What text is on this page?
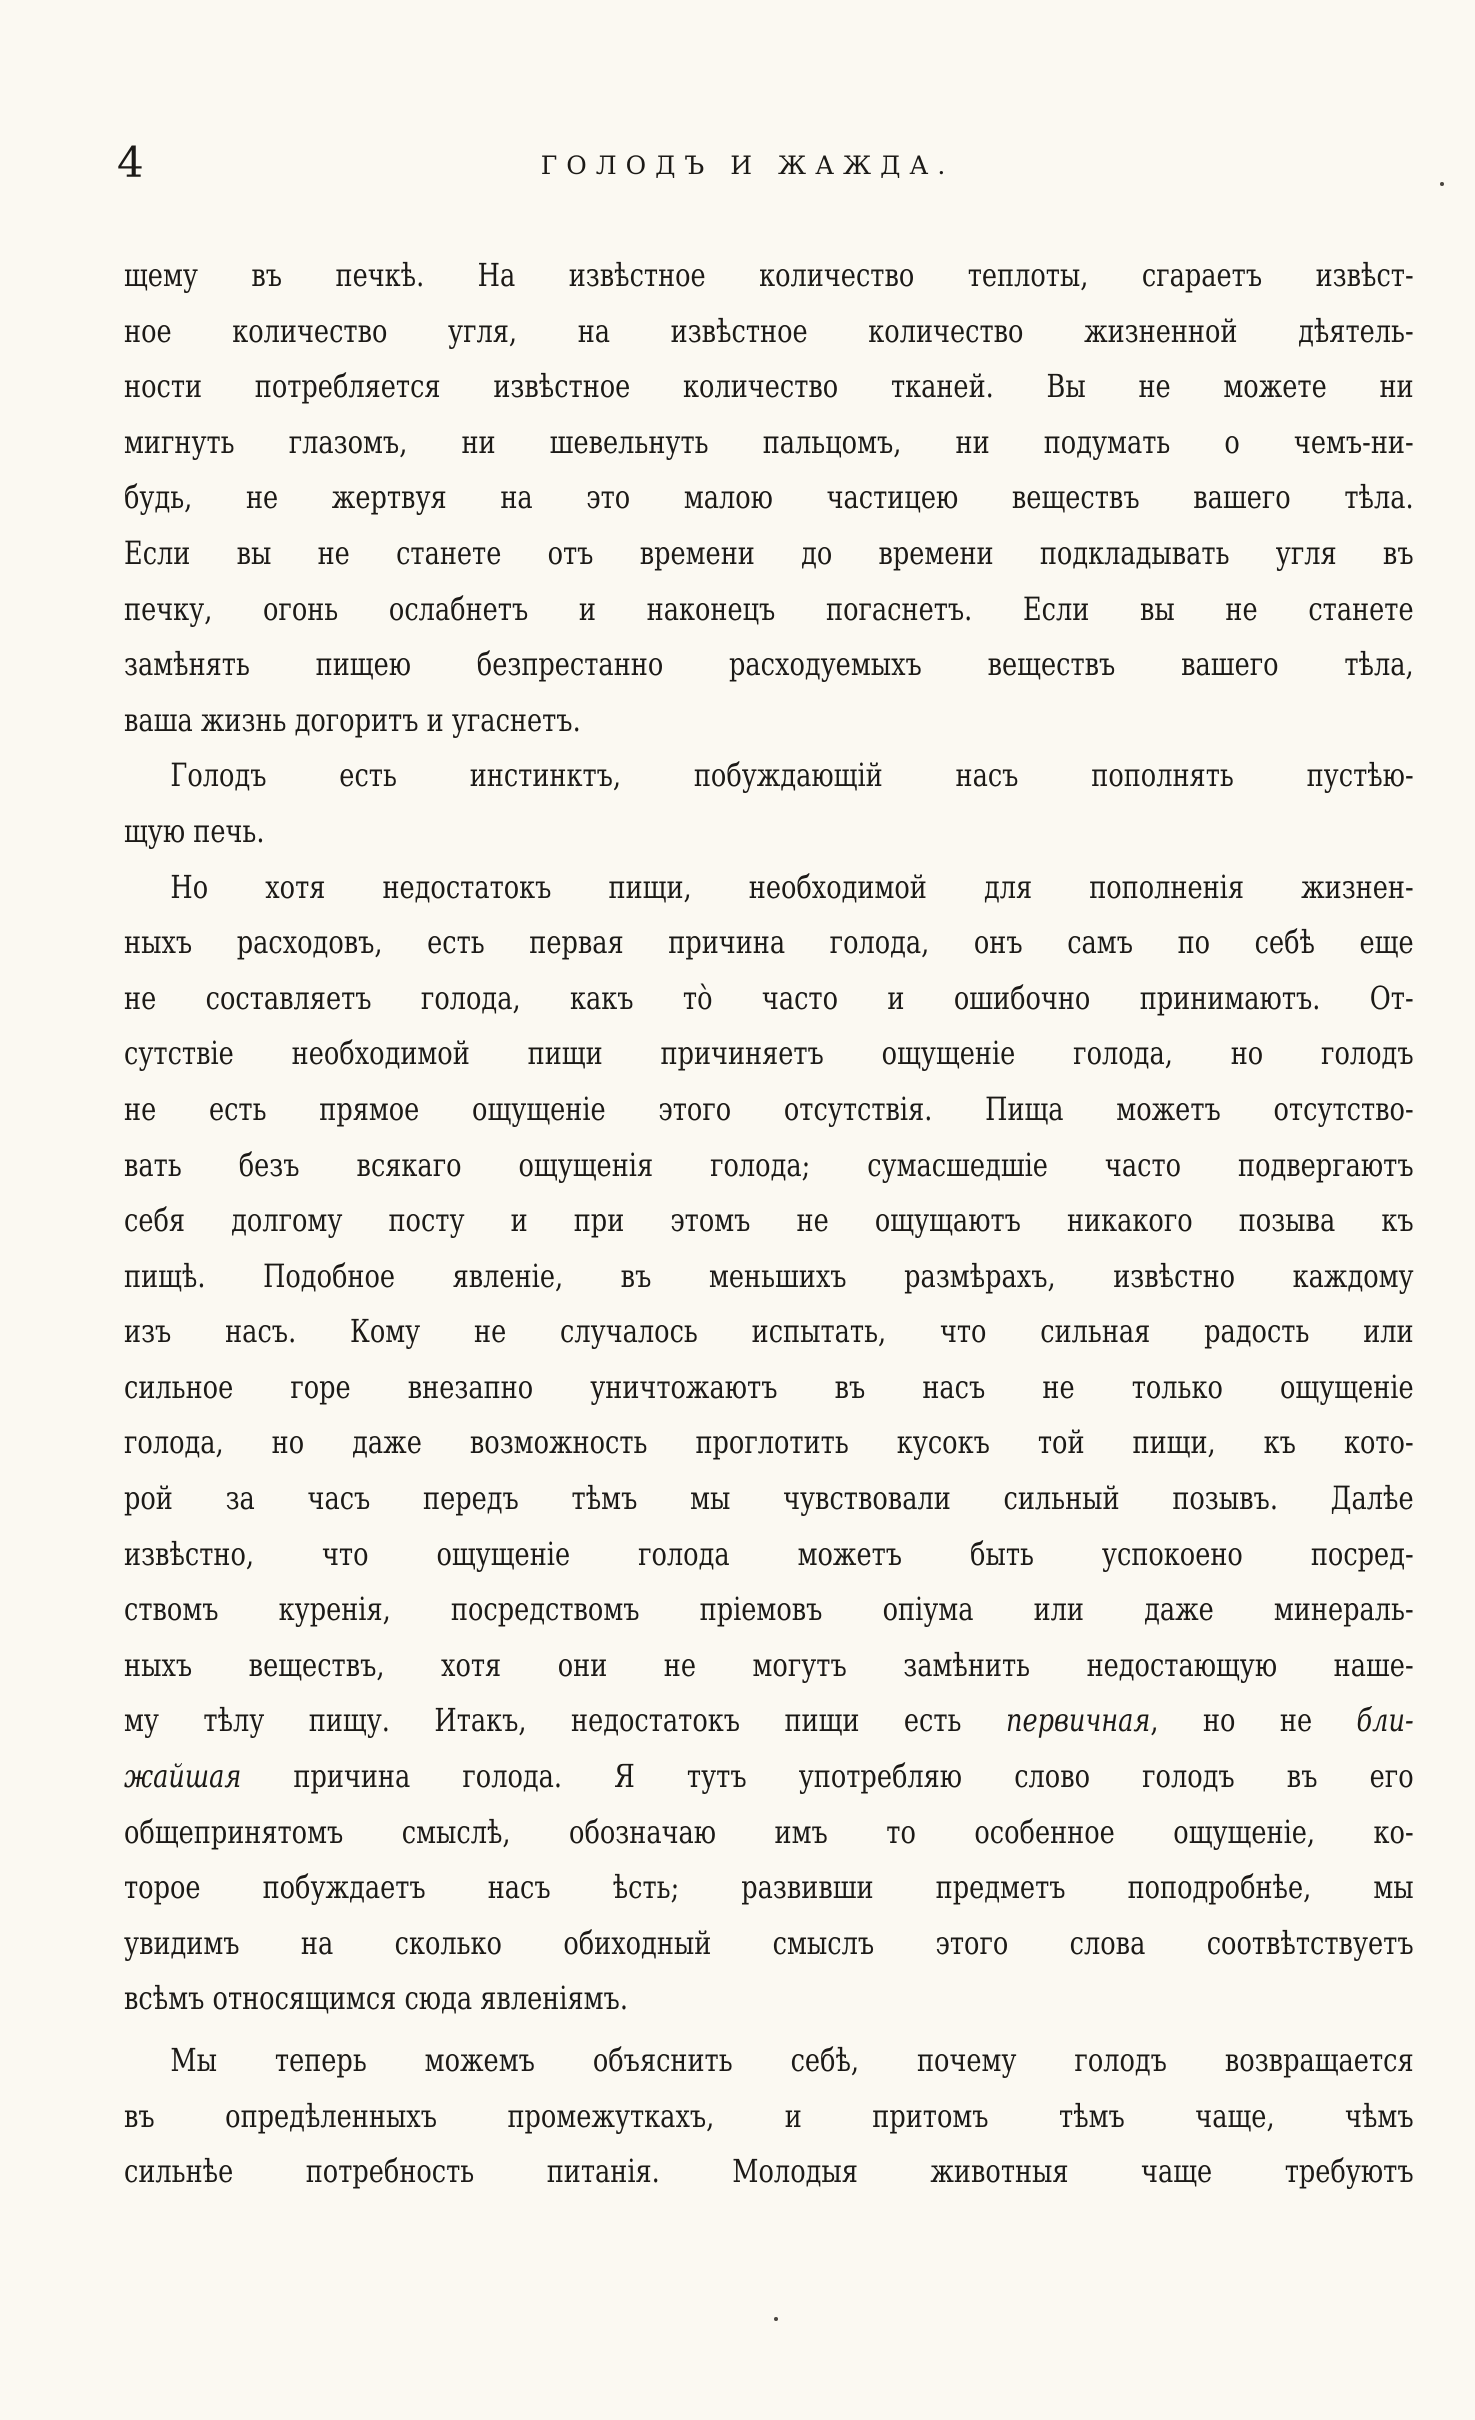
4	ГОЛОДЪ И ЖАЖДА.
щему въ печкѣ. На извѣстное количество теплоты, сгараетъ извѣст-
ное количество угля, на извѣстное количество жизненной дѣятель-
ности потребляется извѣстное количество тканей. Вы не можете ни
мигнуть глазомъ, ни шевельнуть пальцомъ, ни подумать о чемъ-ни-
будь, не жертвуя на это малою частицею веществъ вашего тѣла.
Если вы не станете отъ времени до времени подкладывать угля въ
печку, огонь ослабнетъ и наконецъ погаснетъ. Если вы не станете
замѣнять пищею безпрестанно расходуемыхъ веществъ вашего тѣла,
ваша жизнь догоритъ и угаснетъ.
Голодъ есть инстинктъ, побуждающій насъ пополнять пустѣю-
щую печь.
Но хотя недостатокъ пищи, необходимой для пополненія жизнен-
ныхъ расходовъ, есть первая причина голода, онъ самъ по себѣ еще
не составляетъ голода, какъ тò часто и ошибочно принимаютъ. От-
сутствіе необходимой пищи причиняетъ ощущеніе голода, но голодъ
не есть прямое ощущеніе этого отсутствія. Пища можетъ отсутство-
вать безъ всякаго ощущенія голода; сумасшедшіе часто подвергаютъ
себя долгому посту и при этомъ не ощущаютъ никакого позыва къ
пищѣ. Подобное явленіе, въ меньшихъ размѣрахъ, извѣстно каждому
изъ насъ. Кому не случалось испытать, что сильная радость или
сильное горе внезапно уничтожаютъ въ насъ не только ощущеніе
голода, но даже возможность проглотить кусокъ той пищи, къ кото-
рой за часъ передъ тѣмъ мы чувствовали сильный позывъ. Далѣе
извѣстно, что ощущеніе голода можетъ быть успокоено посред-
ствомъ куренія, посредствомъ пріемовъ опіума или даже минераль-
ныхъ веществъ, хотя они не могутъ замѣнить недостающую наше-
му тѣлу пищу. Итакъ, недостатокъ пищи есть первичная, но не бли-
жайшая причина голода. Я тутъ употребляю слово голодъ въ его
общепринятомъ смыслѣ, обозначаю имъ то особенное ощущеніе, ко-
торое побуждаетъ насъ ѣсть; развивши предметъ поподробнѣе, мы
увидимъ на сколько обиходный смыслъ этого слова соотвѣтствуетъ
всѣмъ относящимся сюда явленіямъ.
Мы теперь можемъ объяснить себѣ, почему голодъ возвращается
въ опредѣленныхъ промежуткахъ, и притомъ тѣмъ чаще, чѣмъ
сильнѣе потребность питанія. Молодыя животныя чаще требуютъ
